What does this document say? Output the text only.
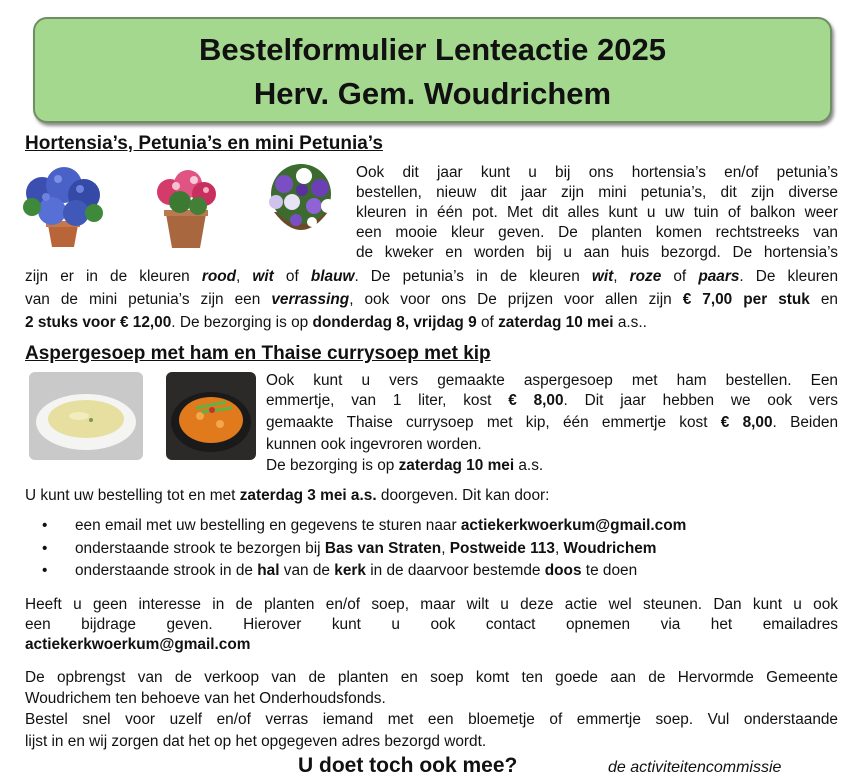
Bestelformulier Lenteactie 2025
Herv. Gem. Woudrichem
Hortensia’s, Petunia’s en mini Petunia’s
Ook dit jaar kunt u bij ons hortensia’s en/of petunia’s
bestellen, nieuw dit jaar zijn mini petunia’s, dit zijn diverse
kleuren in één pot. Met dit alles kunt u uw tuin of balkon weer
een mooie kleur geven. De planten komen rechtstreeks van
de kweker en worden bij u aan huis bezorgd. De hortensia’s
zijn er in de kleuren rood, wit of blauw. De petunia’s in de kleuren wit, roze of paars. De kleuren
van de mini petunia’s zijn een verrassing, ook voor ons De prijzen voor allen zijn € 7,00 per stuk en
2 stuks voor € 12,00. De bezorging is op donderdag 8, vrijdag 9 of zaterdag 10 mei a.s..
Aspergesoep met ham en Thaise currysoep met kip
Ook kunt u vers gemaakte aspergesoep met ham bestellen. Een
emmertje, van 1 liter, kost € 8,00. Dit jaar hebben we ook vers
gemaakte Thaise currysoep met kip, één emmertje kost € 8,00. Beiden
kunnen ook ingevroren worden.
De bezorging is op zaterdag 10 mei a.s.
U kunt uw bestelling tot en met zaterdag 3 mei a.s. doorgeven. Dit kan door:
• een email met uw bestelling en gegevens te sturen naar actiekerkwoerkum@gmail.com
• onderstaande strook te bezorgen bij Bas van Straten, Postweide 113, Woudrichem
• onderstaande strook in de hal van de kerk in de daarvoor bestemde doos te doen
Heeft u geen interesse in de planten en/of soep, maar wilt u deze actie wel steunen. Dan kunt u ook
een bijdrage geven. Hierover kunt u ook contact opnemen via het emailadres
actiekerkwoerkum@gmail.com
De opbrengst van de verkoop van de planten en soep komt ten goede aan de Hervormde Gemeente
Woudrichem ten behoeve van het Onderhoudsfonds.
Bestel snel voor uzelf en/of verras iemand met een bloemetje of emmertje soep. Vul onderstaande
lijst in en wij zorgen dat het op het opgegeven adres bezorgd wordt.
U doet toch ook mee?	de activiteitencommissie
